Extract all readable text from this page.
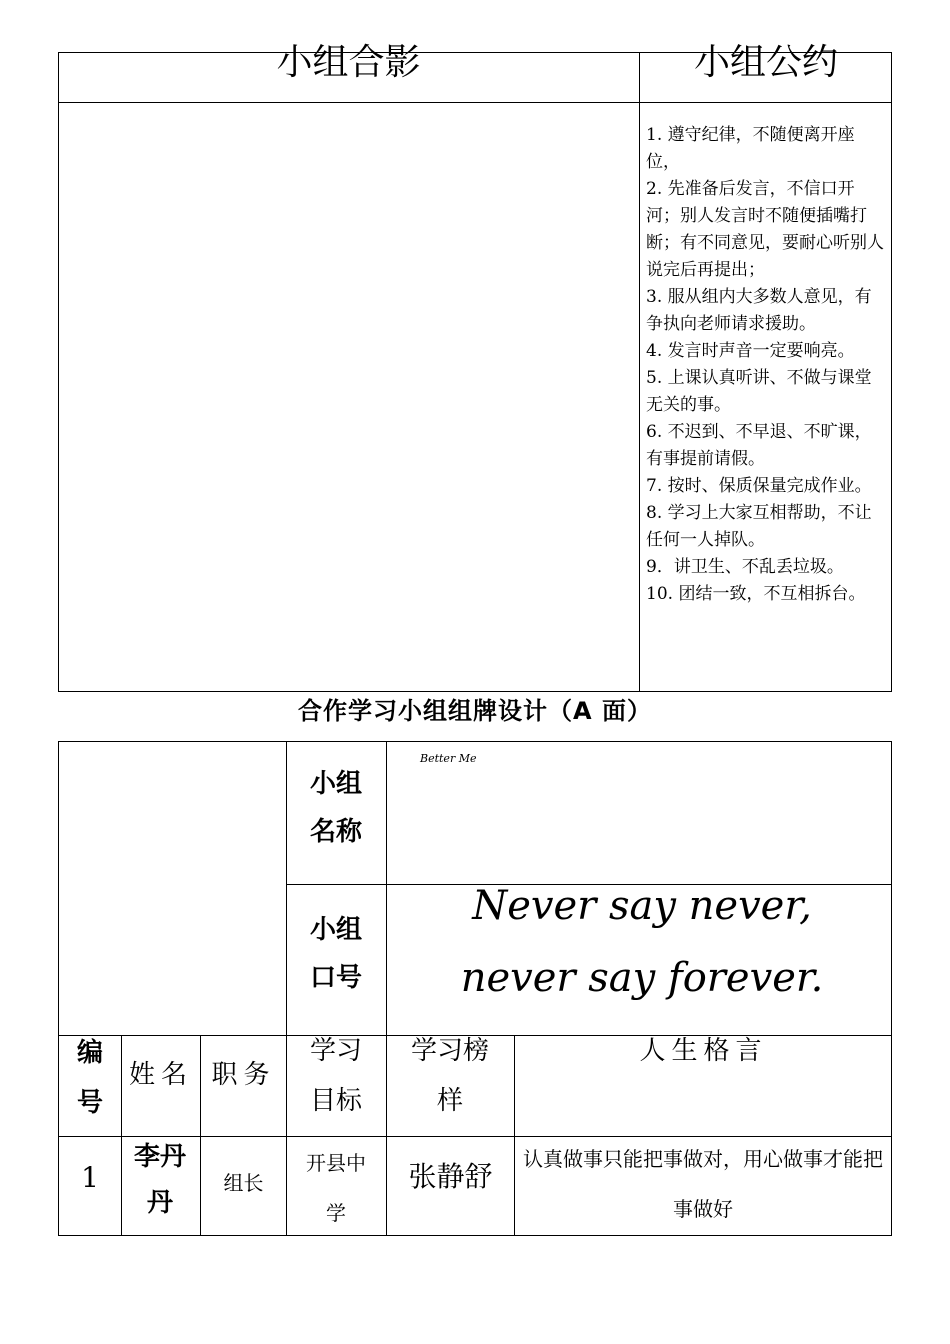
小组合影	小组公约
1. 遵守纪律，不随便离开座位，
2. 先准备后发言，不信口开河；别人发言时不随便插嘴打断；有不同意见，要耐心听别人说完后再提出；
3. 服从组内大多数人意见，有争执向老师请求援助。
4. 发言时声音一定要响亮。
5. 上课认真听讲、不做与课堂无关的事。
6. 不迟到、不早退、不旷课，有事提前请假。
7. 按时、保质保量完成作业。
8. 学习上大家互相帮助，不让任何一人掉队。
9．讲卫生、不乱丢垃圾。
10. 团结一致，不互相拆台。
合作学习小组组牌设计（A 面）
小组名称
Better Me
小组口号
Never say never, never say forever.
编号
姓名 职务
学习目标
学习榜样
人生格言
1
李丹丹
组长
开县中学
张静舒
认真做事只能把事做对，用心做事才能把事做好
